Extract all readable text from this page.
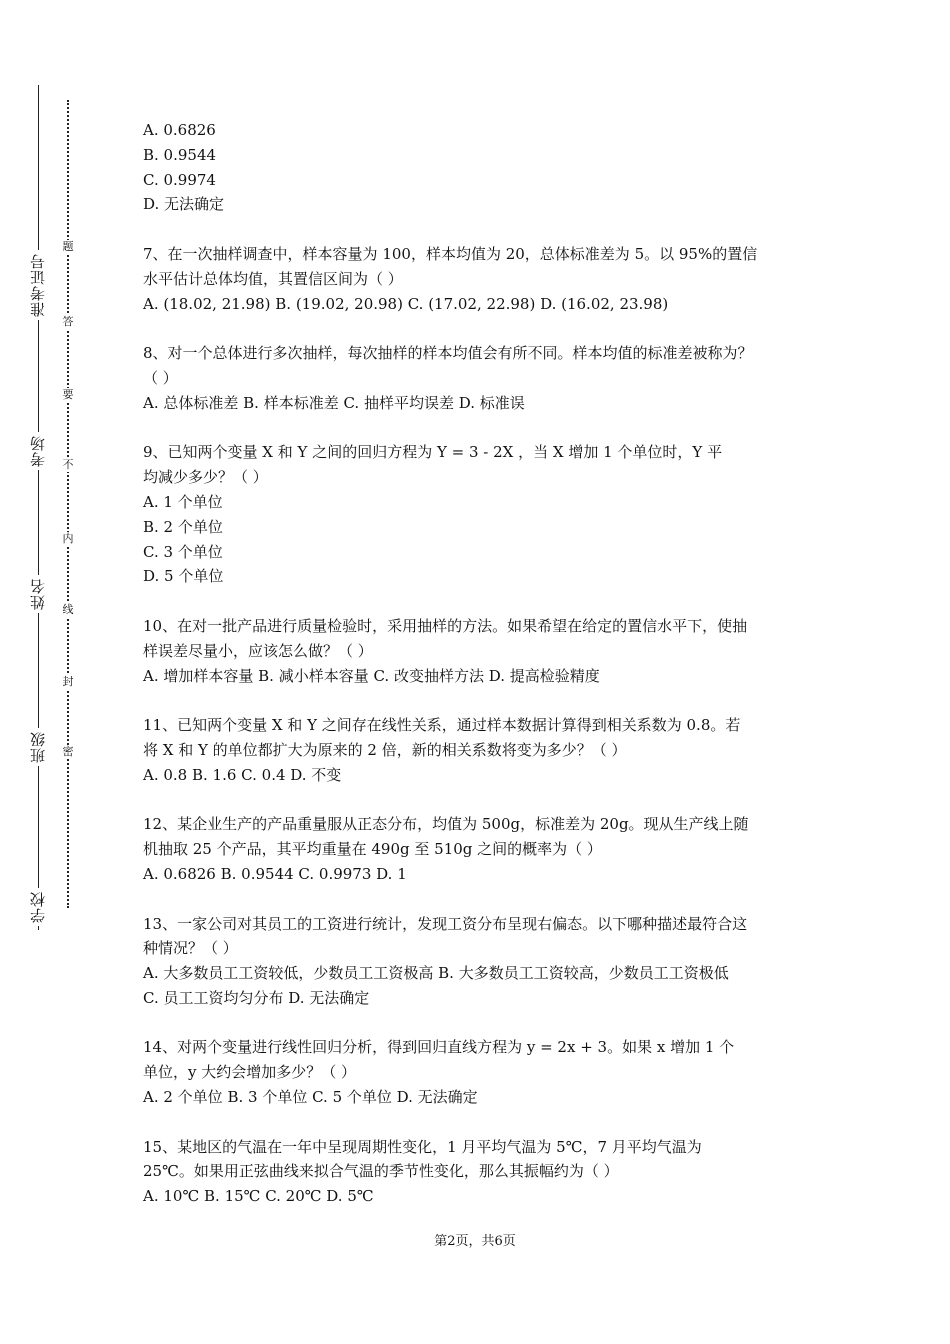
准考证号
考场
姓名
班级
学校
题
答
要
不
内
线
封
密
A. 0.6826
B. 0.9544
C. 0.9974
D. 无法确定
7、在一次抽样调查中，样本容量为 100，样本均值为 20，总体标准差为 5。以 95%的置信
水平估计总体均值，其置信区间为（ ）
A. (18.02, 21.98) B. (19.02, 20.98) C. (17.02, 22.98) D. (16.02, 23.98)
8、对一个总体进行多次抽样，每次抽样的样本均值会有所不同。样本均值的标准差被称为？
（ ）
A. 总体标准差 B. 样本标准差 C. 抽样平均误差 D. 标准误
9、已知两个变量 X 和 Y 之间的回归方程为 Y = 3 - 2X ，当 X 增加 1 个单位时，Y 平
均减少多少？（ ）
A. 1 个单位
B. 2 个单位
C. 3 个单位
D. 5 个单位
10、在对一批产品进行质量检验时，采用抽样的方法。如果希望在给定的置信水平下，使抽
样误差尽量小，应该怎么做？（ ）
A. 增加样本容量 B. 减小样本容量 C. 改变抽样方法 D. 提高检验精度
11、已知两个变量 X 和 Y 之间存在线性关系，通过样本数据计算得到相关系数为 0.8。若
将 X 和 Y 的单位都扩大为原来的 2 倍，新的相关系数将变为多少？（ ）
A. 0.8 B. 1.6 C. 0.4 D. 不变
12、某企业生产的产品重量服从正态分布，均值为 500g，标准差为 20g。现从生产线上随
机抽取 25 个产品，其平均重量在 490g 至 510g 之间的概率为（ ）
A. 0.6826 B. 0.9544 C. 0.9973 D. 1
13、一家公司对其员工的工资进行统计，发现工资分布呈现右偏态。以下哪种描述最符合这
种情况？（ ）
A. 大多数员工工资较低，少数员工工资极高 B. 大多数员工工资较高，少数员工工资极低
C. 员工工资均匀分布 D. 无法确定
14、对两个变量进行线性回归分析，得到回归直线方程为 y = 2x + 3。如果 x 增加 1 个
单位，y 大约会增加多少？（ ）
A. 2 个单位 B. 3 个单位 C. 5 个单位 D. 无法确定
15、某地区的气温在一年中呈现周期性变化，1 月平均气温为 5℃，7 月平均气温为
25℃。如果用正弦曲线来拟合气温的季节性变化，那么其振幅约为（ ）
A. 10℃ B. 15℃ C. 20℃ D. 5℃
第2页，共6页
